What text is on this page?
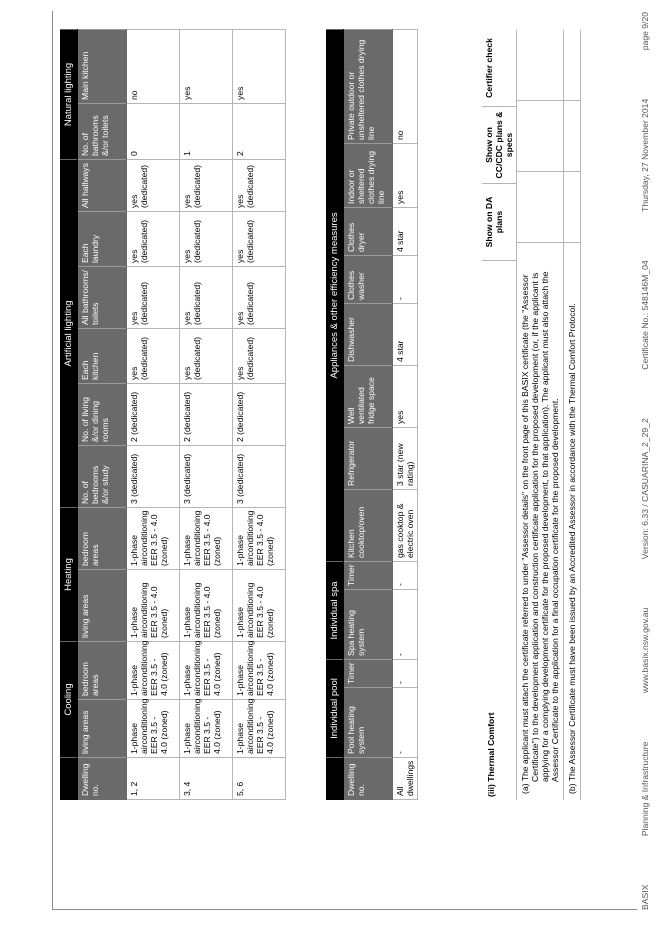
	Cooling		Heating		Artificial lighting						Natural lighting	
Dwelling no.	living areas	bedroom areas	living areas	bedroom areas	No. of bedrooms &/or study	No. of living &/or dining rooms	Each kitchen	All bathrooms/ toilets	Each laundry	All hallways	No. of bathrooms &/or toilets	Main kitchen
1, 2	1-phase airconditioning EER 3.5 - 4.0 (zoned)	1-phase airconditioning EER 3.5 - 4.0 (zoned)	1-phase airconditioning EER 3.5 - 4.0 (zoned)	1-phase airconditioning EER 3.5 - 4.0 (zoned)	3 (dedicated)	2 (dedicated)	yes (dedicated)	yes (dedicated)	yes (dedicated)	yes (dedicated)	0	no
3, 4	1-phase airconditioning EER 3.5 - 4.0 (zoned)	1-phase airconditioning EER 3.5 - 4.0 (zoned)	1-phase airconditioning EER 3.5 - 4.0 (zoned)	1-phase airconditioning EER 3.5 - 4.0 (zoned)	3 (dedicated)	2 (dedicated)	yes (dedicated)	yes (dedicated)	yes (dedicated)	yes (dedicated)	1	yes
5, 6	1-phase airconditioning EER 3.5 - 4.0 (zoned)	1-phase airconditioning EER 3.5 - 4.0 (zoned)	1-phase airconditioning EER 3.5 - 4.0 (zoned)	1-phase airconditioning EER 3.5 - 4.0 (zoned)	3 (dedicated)	2 (dedicated)	yes (dedicated)	yes (dedicated)	yes (dedicated)	yes (dedicated)	2	yes
	Individual pool		Individual spa		Appliances & other efficiency measures							
Dwelling no.	Pool heating system	Timer	Spa heating system	Timer	Kitchen cooktop/oven	Refrigerator	Well ventilated fridge space	Dishwasher	Clothes washer	Clothes dryer	Indoor or sheltered clothes drying line	Private outdoor or unsheltered clothes drying line
All dwellings	-	-	-	-	gas cooktop & electric oven	3 star (new rating)	yes	4 star	-	4 star	yes	no
(iii) Thermal Comfort
Show on DA plans
Show on CC/CDC plans & specs
Certifier check
(a) The applicant must attach the certificate referred to under "Assessor details" on the front page of this BASIX certificate (the "Assessor Certificate") to the development application and construction certificate application for the proposed development (or, if the applicant is applying for a complying development certificate for the proposed development, to that application). The applicant must also attach the Assessor Certificate to the application for a final occupation certificate for the proposed development. (b) The Assessor Certificate must have been issued by an Accredited Assessor in accordance with the Thermal Comfort Protocol.
BASIX
Planning & Infrastructure
www.basix.nsw.gov.au
Version: 6.33 / CASUARINA_2_29_2
Certificate No.: 548146M_04
Thursday, 27 November 2014
page 9/20
